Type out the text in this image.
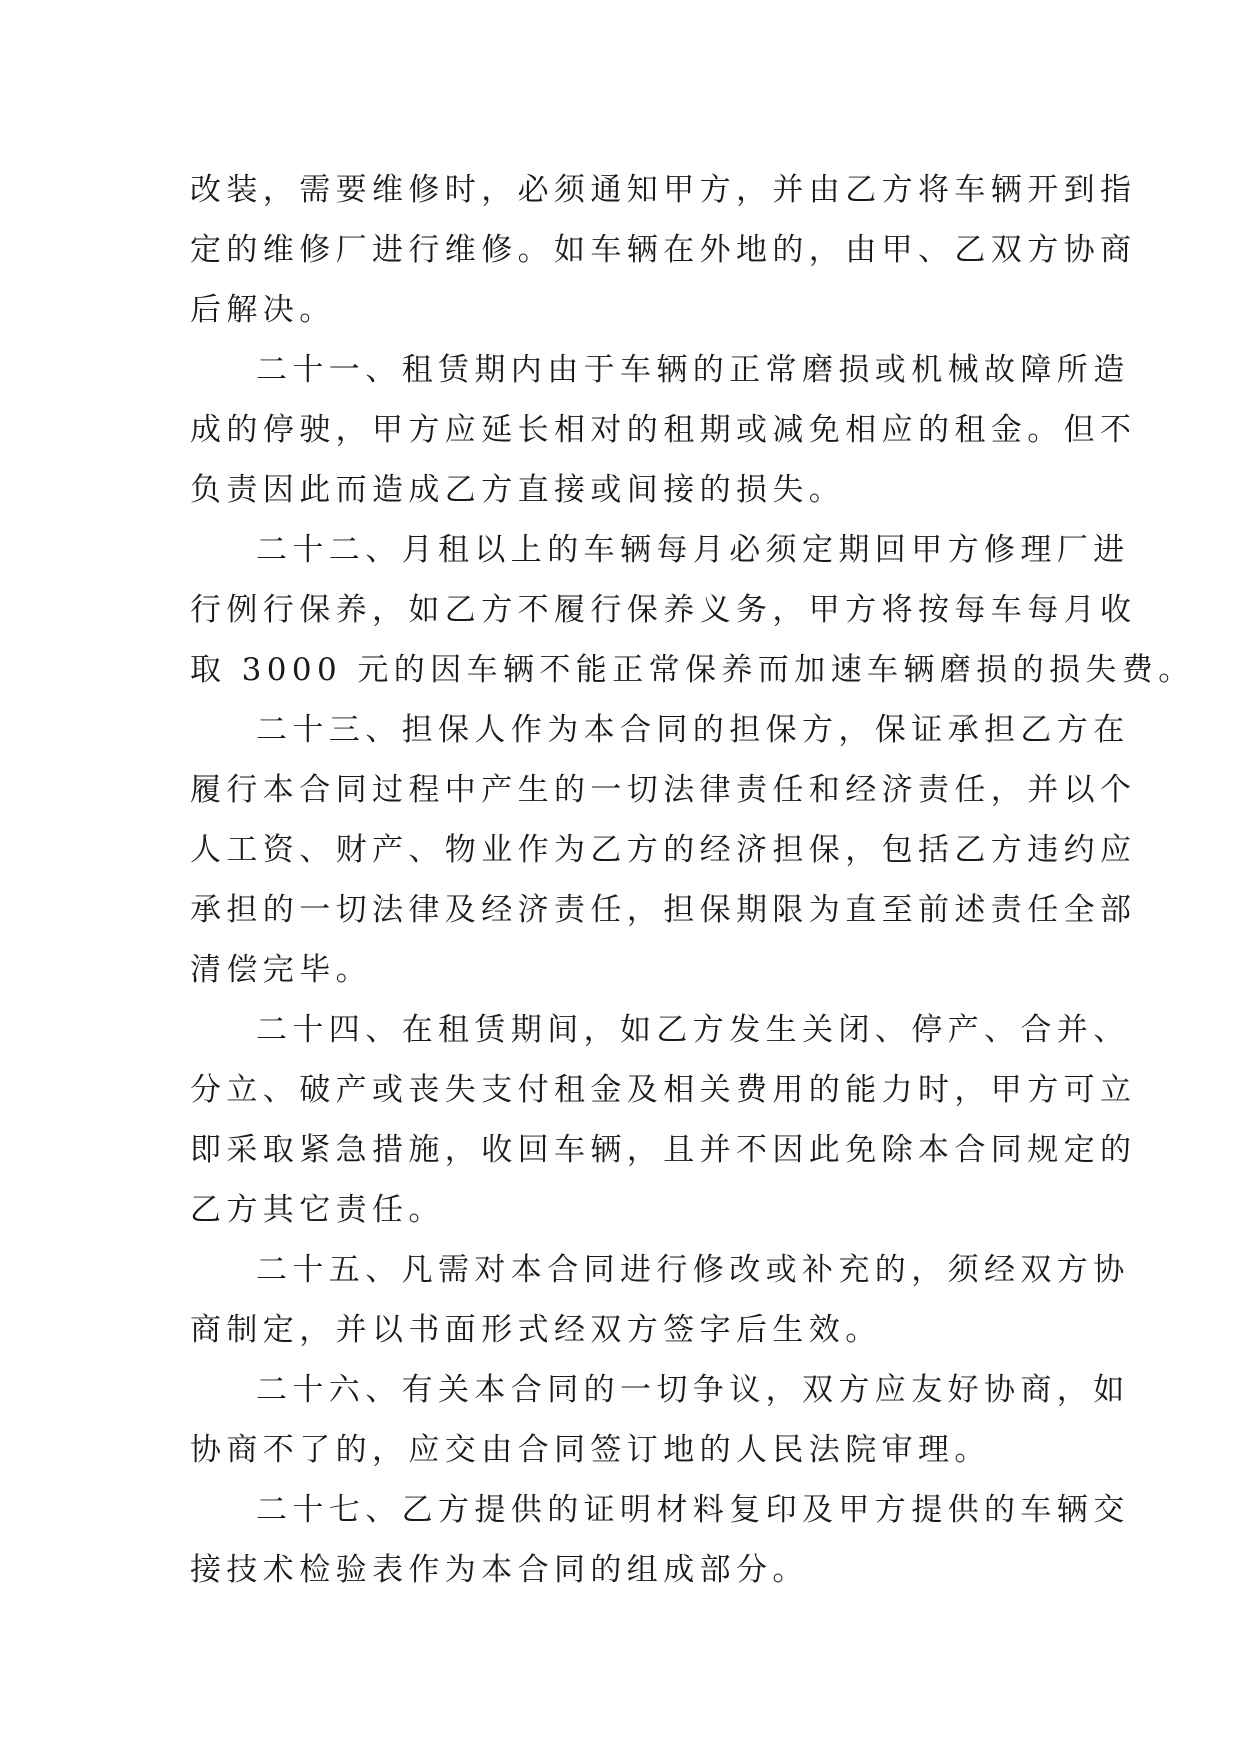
改装，需要维修时，必须通知甲方，并由乙方将车辆开到指
定的维修厂进行维修。如车辆在外地的，由甲、乙双方协商
后解决。
二十一、租赁期内由于车辆的正常磨损或机械故障所造
成的停驶，甲方应延长相对的租期或减免相应的租金。但不
负责因此而造成乙方直接或间接的损失。
二十二、月租以上的车辆每月必须定期回甲方修理厂进
行例行保养，如乙方不履行保养义务，甲方将按每车每月收
取 3000 元的因车辆不能正常保养而加速车辆磨损的损失费。
二十三、担保人作为本合同的担保方，保证承担乙方在
履行本合同过程中产生的一切法律责任和经济责任，并以个
人工资、财产、物业作为乙方的经济担保，包括乙方违约应
承担的一切法律及经济责任，担保期限为直至前述责任全部
清偿完毕。
二十四、在租赁期间，如乙方发生关闭、停产、合并、
分立、破产或丧失支付租金及相关费用的能力时，甲方可立
即采取紧急措施，收回车辆，且并不因此免除本合同规定的
乙方其它责任。
二十五、凡需对本合同进行修改或补充的，须经双方协
商制定，并以书面形式经双方签字后生效。
二十六、有关本合同的一切争议，双方应友好协商，如
协商不了的，应交由合同签订地的人民法院审理。
二十七、乙方提供的证明材料复印及甲方提供的车辆交
接技术检验表作为本合同的组成部分。
